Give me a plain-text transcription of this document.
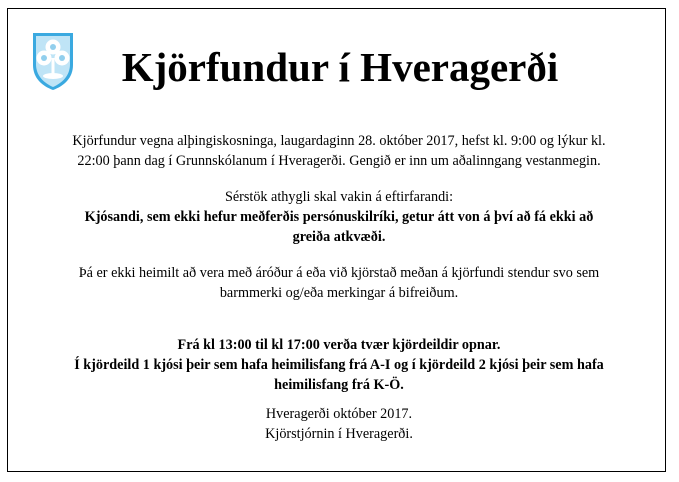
Kjörfundur í Hveragerði

Kjörfundur vegna alþingiskosninga, laugardaginn 28. október 2017, hefst kl. 9:00 og lýkur kl.
22:00 þann dag í Grunnskólanum í Hveragerði. Gengið er inn um aðalinngang vestanmegin.

Sérstök athygli skal vakin á eftirfarandi:
Kjósandi, sem ekki hefur meðferðis persónuskilríki, getur átt von á því að fá ekki að
greiða atkvæði.

Þá er ekki heimilt að vera með áróður á eða við kjörstað meðan á kjörfundi stendur svo sem
barmmerki og/eða merkingar á bifreiðum.

Frá kl 13:00 til kl 17:00 verða tvær kjördeildir opnar.
Í kjördeild 1 kjósi þeir sem hafa heimilisfang frá A-I og í kjördeild 2 kjósi þeir sem hafa
heimilisfang frá K-Ö.

Hveragerði október 2017.
Kjörstjórnin í Hveragerði.
